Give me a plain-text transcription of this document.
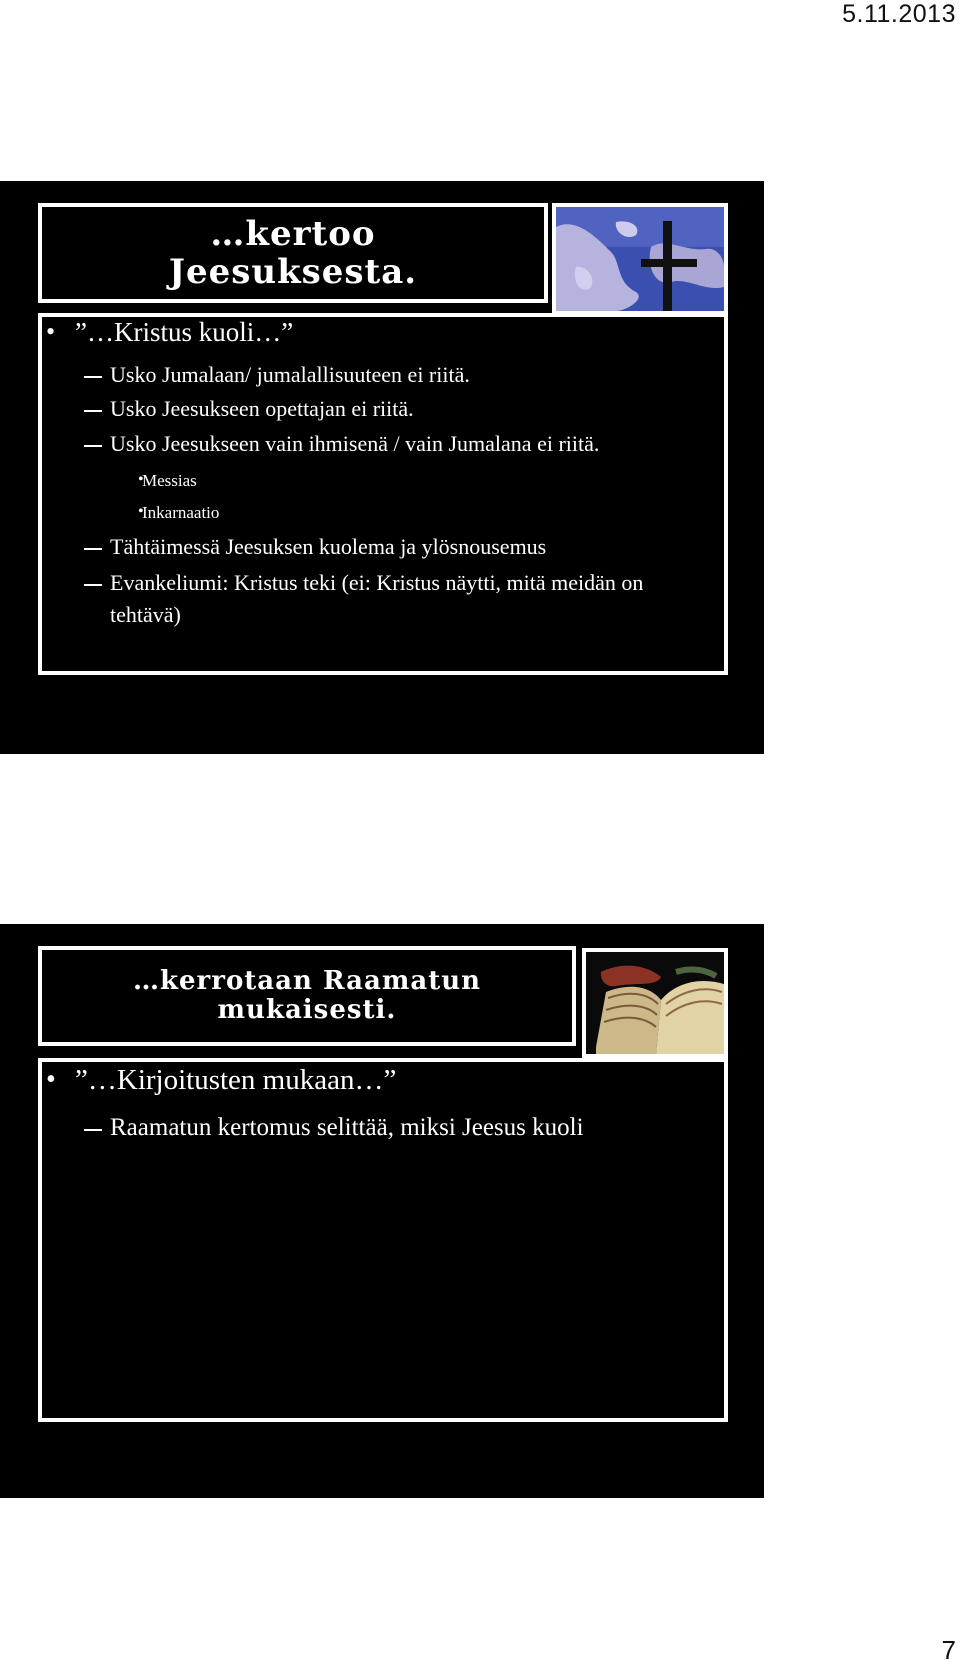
5.11.2013
…kertoo
Jeesuksesta.
• ”…Kristus kuoli…”
Usko Jumalaan/ jumalallisuuteen ei riitä.
Usko Jeesukseen opettajan ei riitä.
Usko Jeesukseen vain ihmisenä / vain Jumalana ei riitä.
•
Messias
•
Inkarnaatio
Tähtäimessä Jeesuksen kuolema ja ylösnousemus
Evankeliumi: Kristus teki (ei: Kristus näytti, mitä meidän on
tehtävä)
…kerrotaan Raamatun
mukaisesti.
• ”…Kirjoitusten mukaan…”
Raamatun kertomus selittää, miksi Jeesus kuoli
7
